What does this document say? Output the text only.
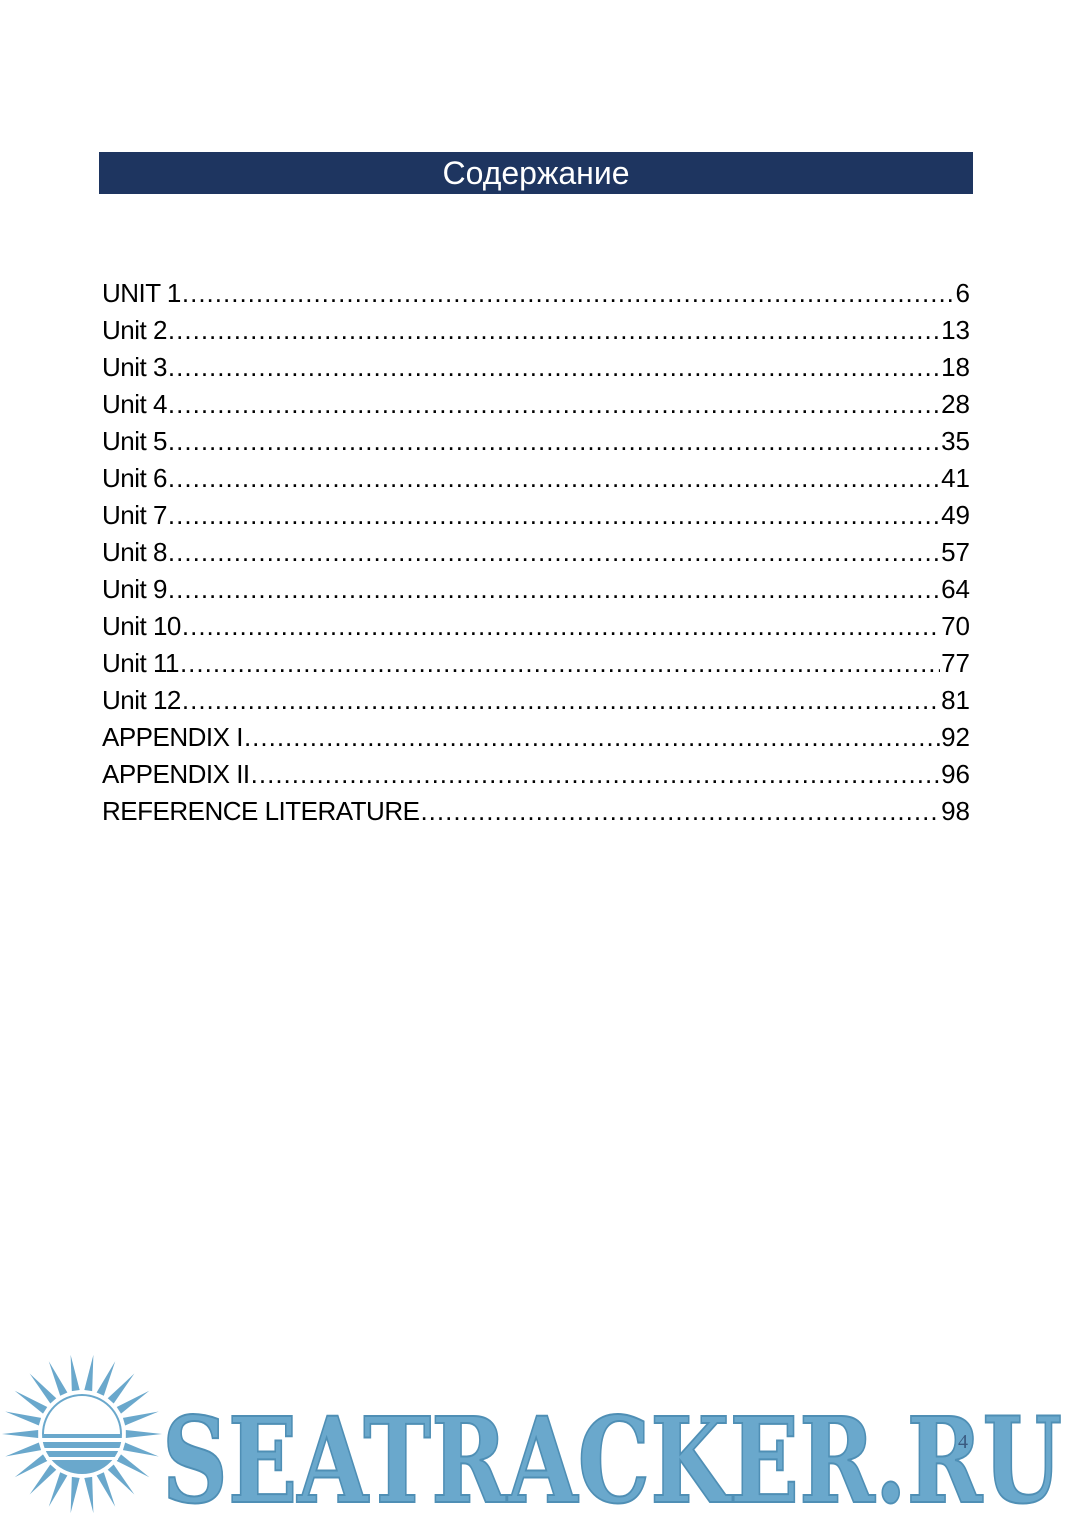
Содержание
UNIT 1 .....	6
Unit 2 .....	13
Unit 3 .....	18
Unit 4 .....	28
Unit 5 .....	35
Unit 6 .....	41
Unit 7 .....	49
Unit 8 .....	57
Unit 9 .....	64
Unit 10 .....	70
Unit 11 .....	77
Unit 12 .....	81
APPENDIX I .....	92
APPENDIX II .....	96
REFERENCE LITERATURE .....	98
SEATRACKER.RU
4
